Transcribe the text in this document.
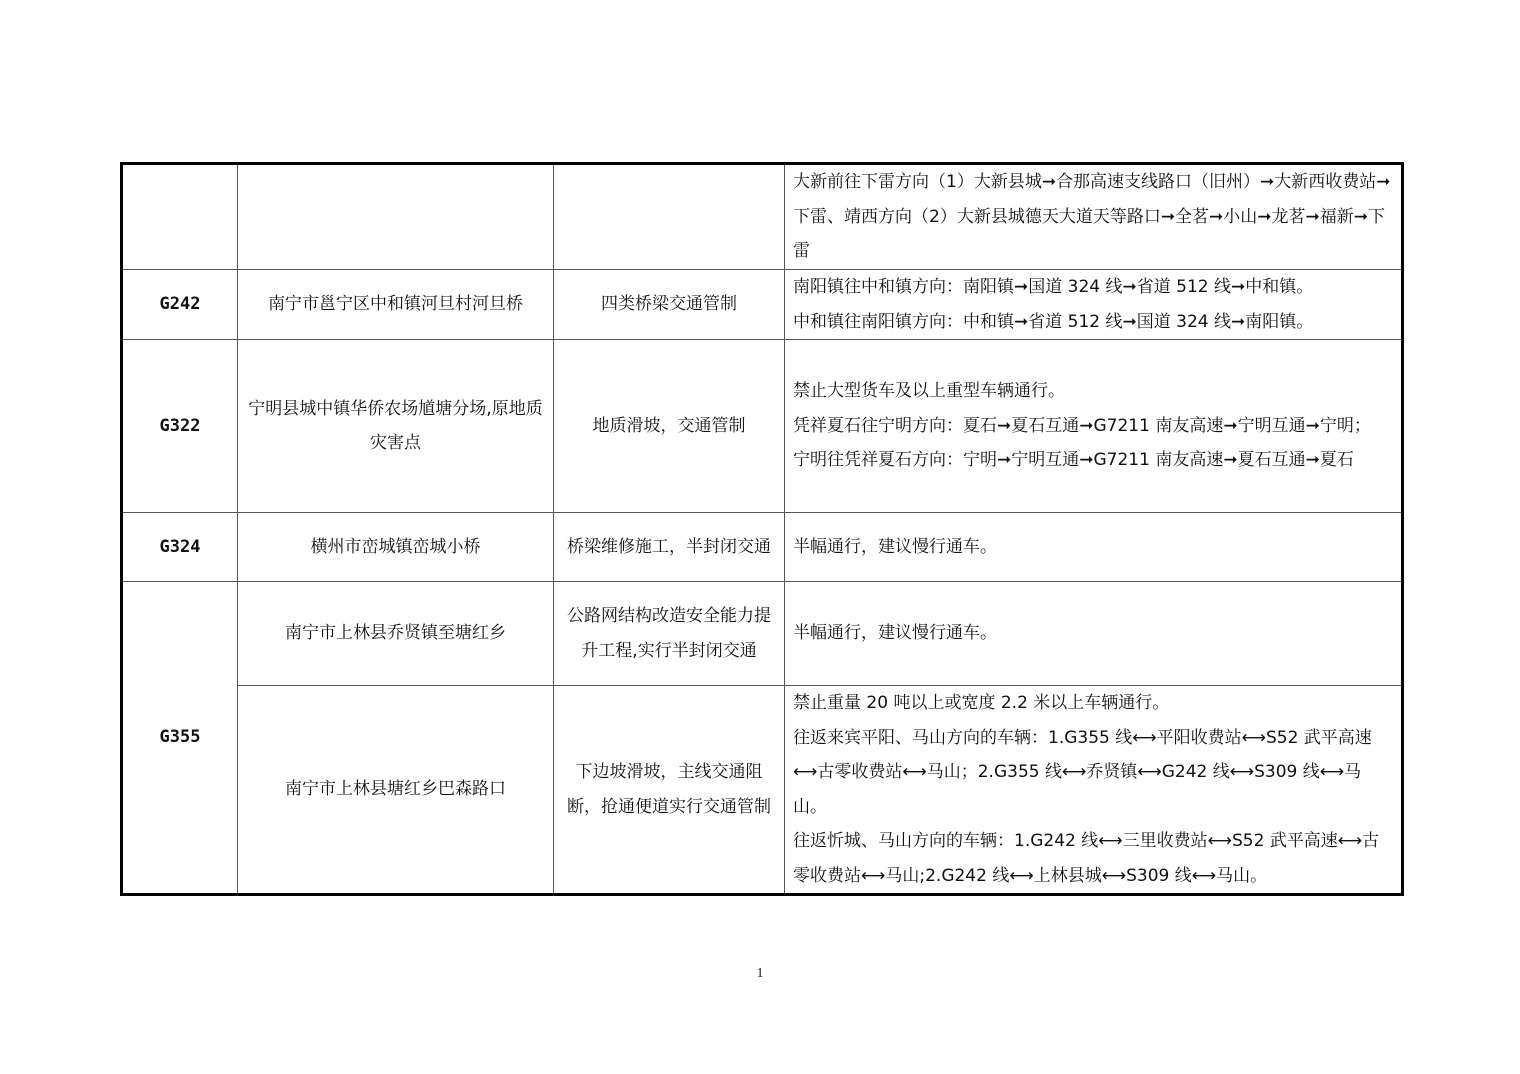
			大新前往下雷方向（1）大新县城➞合那高速支线路口（旧州）➞大新西收费站➞下雷、靖西方向（2）大新县城德天大道天等路口➞全茗➞小山➞龙茗➞福新➞下雷

G242	南宁市邕宁区中和镇河旦村河旦桥	四类桥梁交通管制	南阳镇往中和镇方向：南阳镇➞国道 324 线➞省道 512 线➞中和镇。
中和镇往南阳镇方向：中和镇➞省道 512 线➞国道 324 线➞南阳镇。

G322	宁明县城中镇华侨农场馗塘分场,原地质灾害点	地质滑坡，交通管制	禁止大型货车及以上重型车辆通行。
凭祥夏石往宁明方向：夏石➞夏石互通➞G7211 南友高速➞宁明互通➞宁明；
宁明往凭祥夏石方向：宁明➞宁明互通➞G7211 南友高速➞夏石互通➞夏石

G324	横州市峦城镇峦城小桥	桥梁维修施工，半封闭交通	半幅通行，建议慢行通车。

G355	南宁市上林县乔贤镇至塘红乡	公路网结构改造安全能力提升工程,实行半封闭交通	半幅通行，建议慢行通车。

	南宁市上林县塘红乡巴森路口	下边坡滑坡，主线交通阻断，抢通便道实行交通管制	禁止重量 20 吨以上或宽度 2.2 米以上车辆通行。
往返来宾平阳、马山方向的车辆：1.G355 线⟷平阳收费站⟷S52 武平高速⟷古零收费站⟷马山；2.G355 线⟷乔贤镇⟷G242 线⟷S309 线⟷马山。
往返忻城、马山方向的车辆：1.G242 线⟷三里收费站⟷S52 武平高速⟷古零收费站⟷马山;2.G242 线⟷上林县城⟷S309 线⟷马山。
1
